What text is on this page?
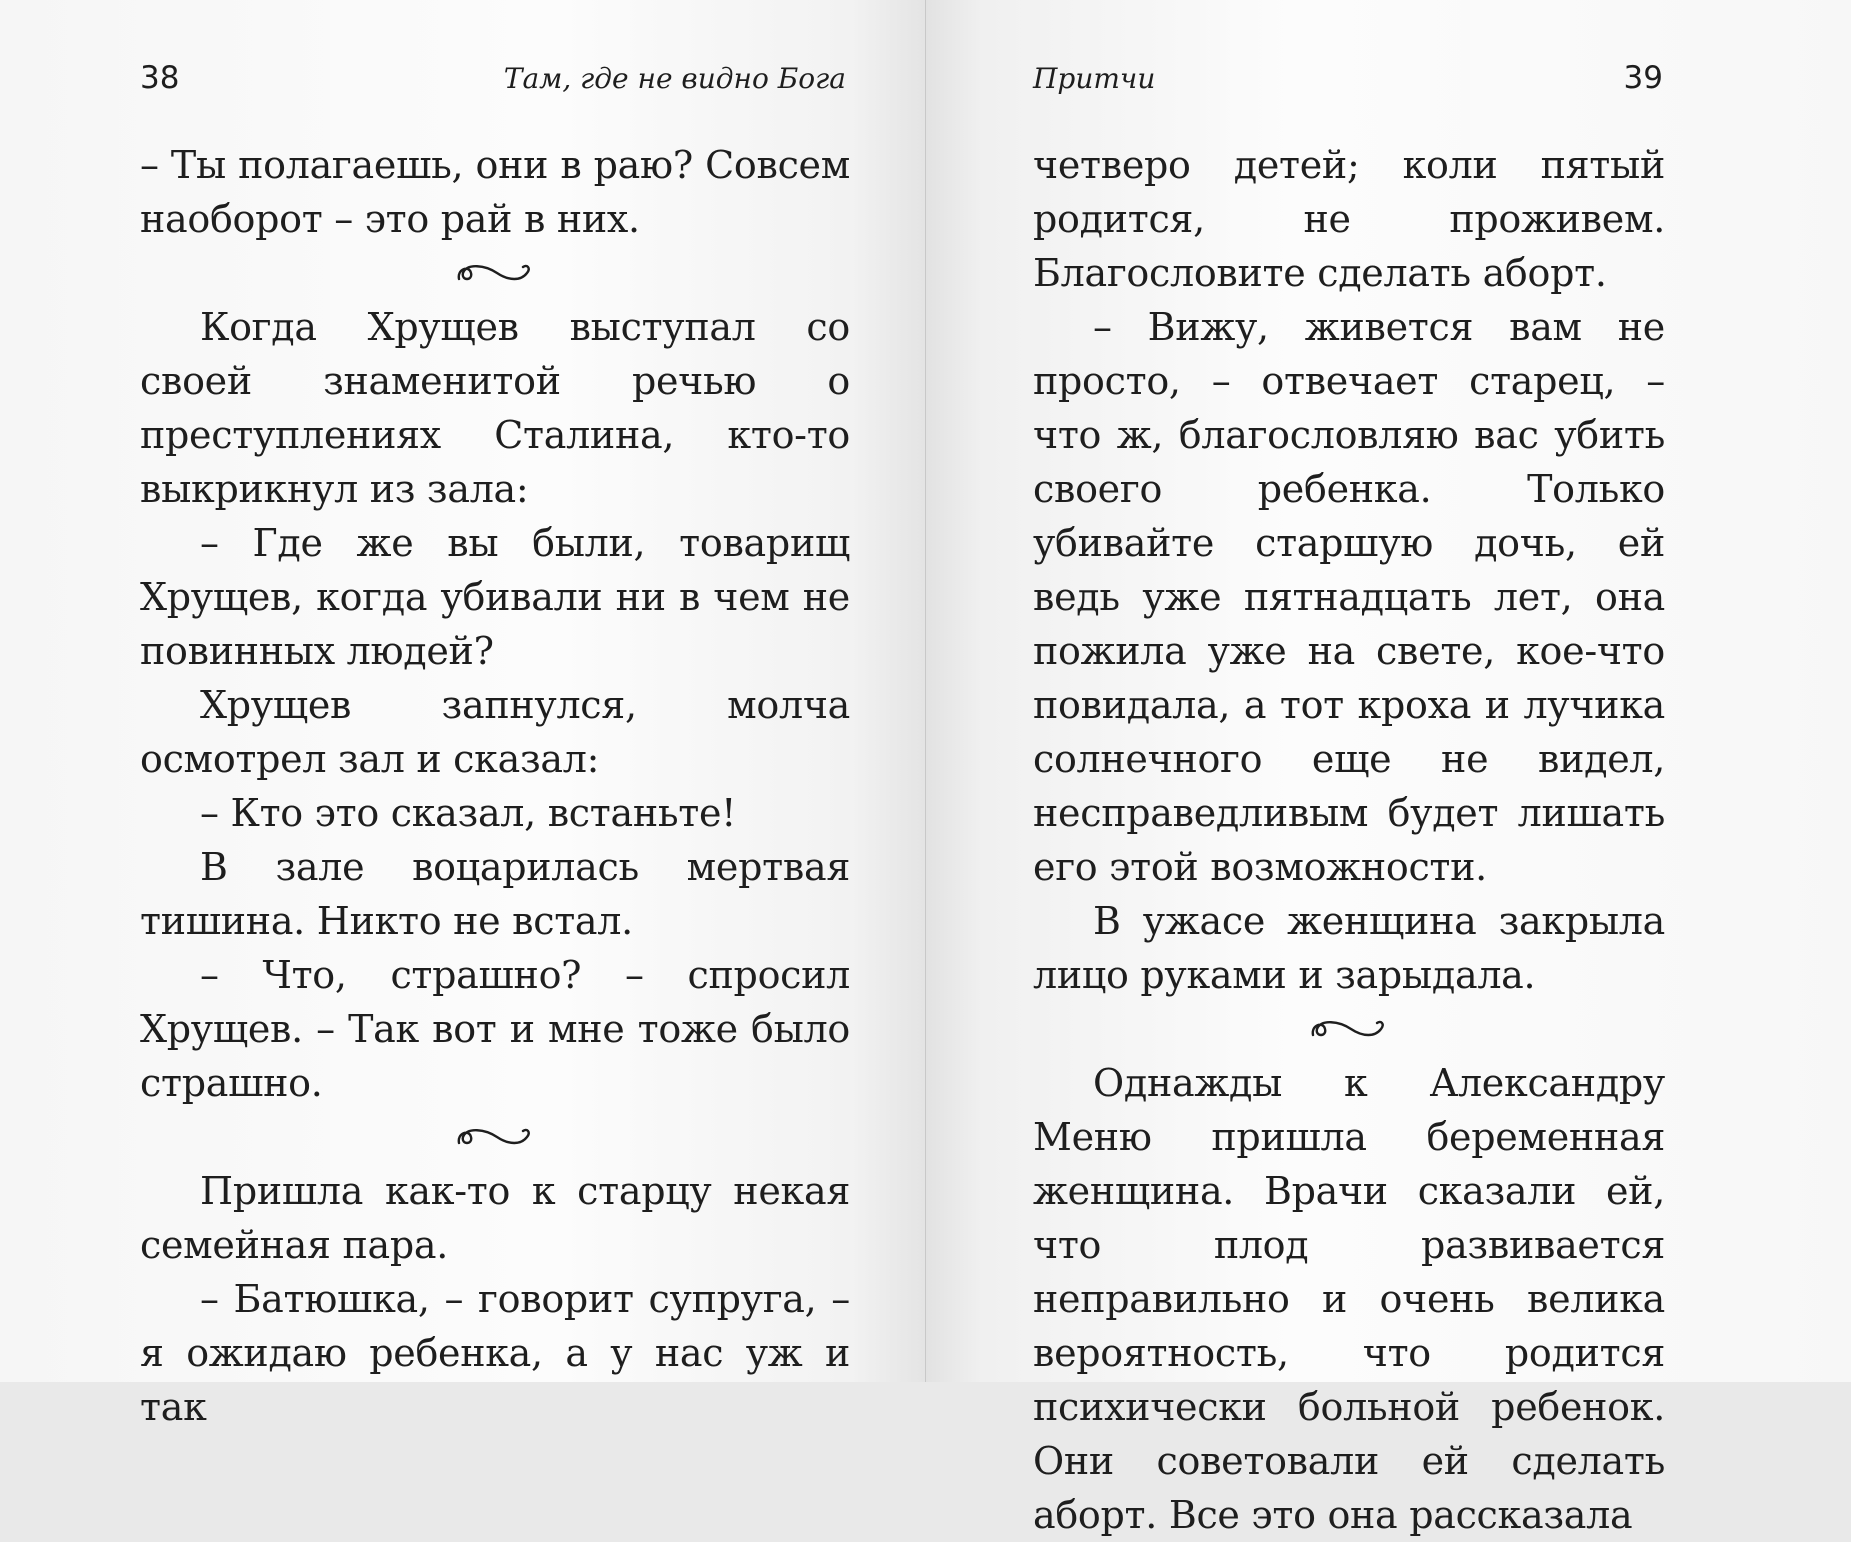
38	Там, где не видно Бога

– Ты полагаешь, они в раю? Совсем наоборот – это рай в них.

Когда Хрущев выступал со своей знаменитой речью о преступлениях Сталина, кто-то выкрикнул из зала:

– Где же вы были, товарищ Хрущев, когда убивали ни в чем не повинных людей?

Хрущев запнулся, молча осмотрел зал и сказал:

– Кто это сказал, встаньте!

В зале воцарилась мертвая тишина. Никто не встал.

– Что, страшно? – спросил Хрущев. – Так вот и мне тоже было страшно.

Пришла как-то к старцу некая семейная пара.

– Батюшка, – говорит супруга, – я ожидаю ребенка, а у нас уж и так

Притчи	39

четверо детей; коли пятый родится, не проживем. Благословите сделать аборт.

– Вижу, живется вам не просто, – отвечает старец, – что ж, благословляю вас убить своего ребенка. Только убивайте старшую дочь, ей ведь уже пятнадцать лет, она пожила уже на свете, кое-что повидала, а тот кроха и лучика солнечного еще не видел, несправедливым будет лишать его этой возможности.

В ужасе женщина закрыла лицо руками и зарыдала.

Однажды к Александру Меню пришла беременная женщина. Врачи сказали ей, что плод развивается неправильно и очень велика вероятность, что родится психически больной ребенок. Они советовали ей сделать аборт. Все это она рассказала
